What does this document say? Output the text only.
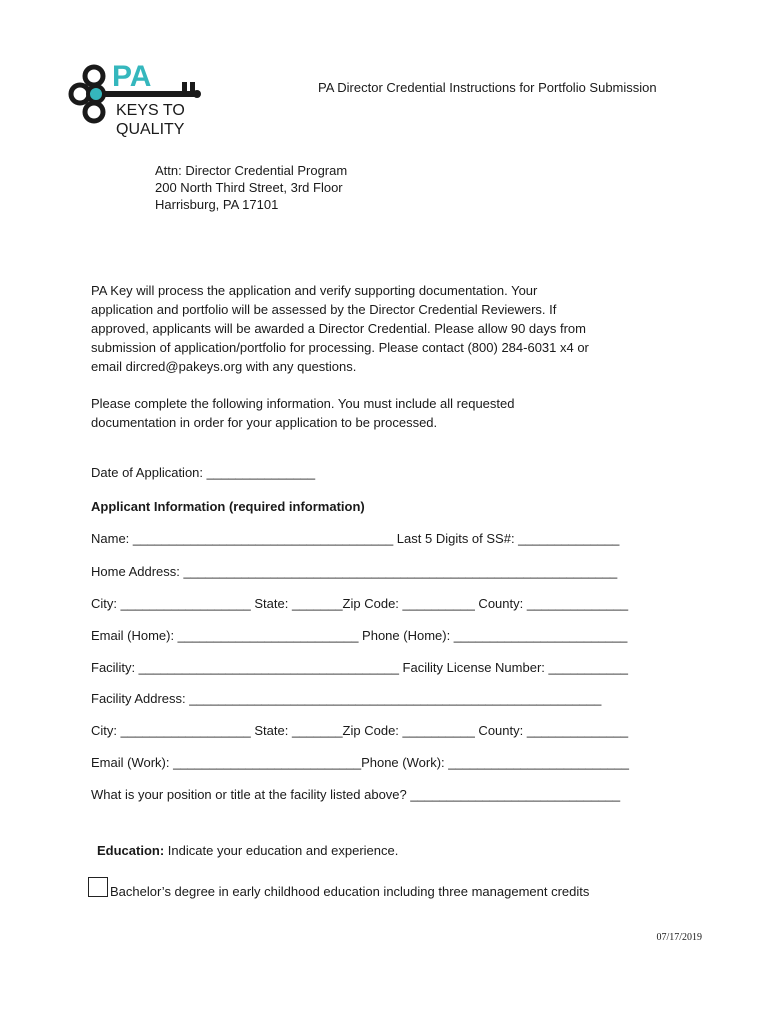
PA
KEYS TO
QUALITY
PA Director Credential Instructions for Portfolio Submission
Attn: Director Credential Program
200 North Third Street, 3rd Floor
Harrisburg, PA 17101
PA Key will process the application and verify supporting documentation. Your
application and portfolio will be assessed by the Director Credential Reviewers. If
approved, applicants will be awarded a Director Credential. Please allow 90 days from
submission of application/portfolio for processing. Please contact (800) 284-6031 x4 or
email dircred@pakeys.org with any questions.
Please complete the following information. You must include all requested
documentation in order for your application to be processed.
Date of Application: _______________
Applicant Information (required information)
Name: ____________________________________ Last 5 Digits of SS#: ______________
Home Address: ____________________________________________________________
City: __________________ State: _______Zip Code: __________ County: ______________
Email (Home): _________________________ Phone (Home): ________________________
Facility: ____________________________________ Facility License Number: ___________
Facility Address: _________________________________________________________
City: __________________ State: _______Zip Code: __________ County: ______________
Email (Work): __________________________Phone (Work): _________________________
What is your position or title at the facility listed above? _____________________________
Education: Indicate your education and experience.
Bachelor’s degree in early childhood education including three management credits
07/17/2019
